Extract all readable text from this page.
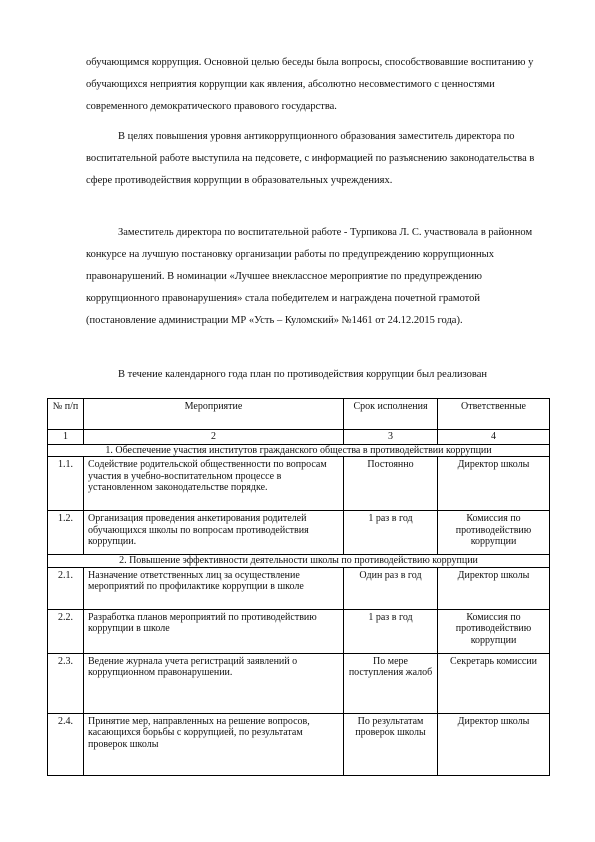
обучающимся коррупция. Основной целью беседы была вопросы, способствовавшие воспитанию у обучающихся неприятия коррупции как явления, абсолютно несовместимого с ценностями современного демократического правового государства.

В целях повышения уровня антикоррупционного образования заместитель директора по воспитательной работе выступила на педсовете, с информацией по разъяснению законодательства в сфере противодействия коррупции в образовательных учреждениях.

Заместитель директора по воспитательной работе - Турпикова Л. С. участвовала в районном конкурсе на лучшую постановку организации работы по предупреждению коррупционных правонарушений. В номинации «Лучшее внеклассное мероприятие по предупреждению коррупционного правонарушения» стала победителем и награждена почетной грамотой (постановление администрации МР «Усть – Куломский» №1461 от 24.12.2015 года).

В течение календарного года план по противодействия коррупции был реализован

№ п/п	Мероприятие	Срок исполнения	Ответственные
1	2	3	4
1. Обеспечение участия институтов гражданского общества в противодействии коррупции			
1.1.	Содействие родительской общественности по вопросам участия в учебно-воспитательном процессе в установленном законодательстве порядке.	Постоянно	Директор школы
1.2.	Организация проведения анкетирования родителей обучающихся школы по вопросам противодействия коррупции.	1 раз в год	Комиссия по противодействию коррупции
2. Повышение эффективности деятельности школы по противодействию коррупции			
2.1.	Назначение ответственных лиц за осуществление мероприятий по профилактике коррупции в школе	Один раз в год	Директор школы
2.2.	Разработка планов мероприятий по противодействию коррупции в школе	1 раз в год	Комиссия по противодействию коррупции
2.3.	Ведение журнала учета регистраций заявлений о коррупционном правонарушении.	По мере поступления жалоб	Секретарь комиссии
2.4.	Принятие мер, направленных на решение вопросов, касающихся борьбы с коррупцией, по результатам проверок школы	По результатам проверок школы	Директор школы
